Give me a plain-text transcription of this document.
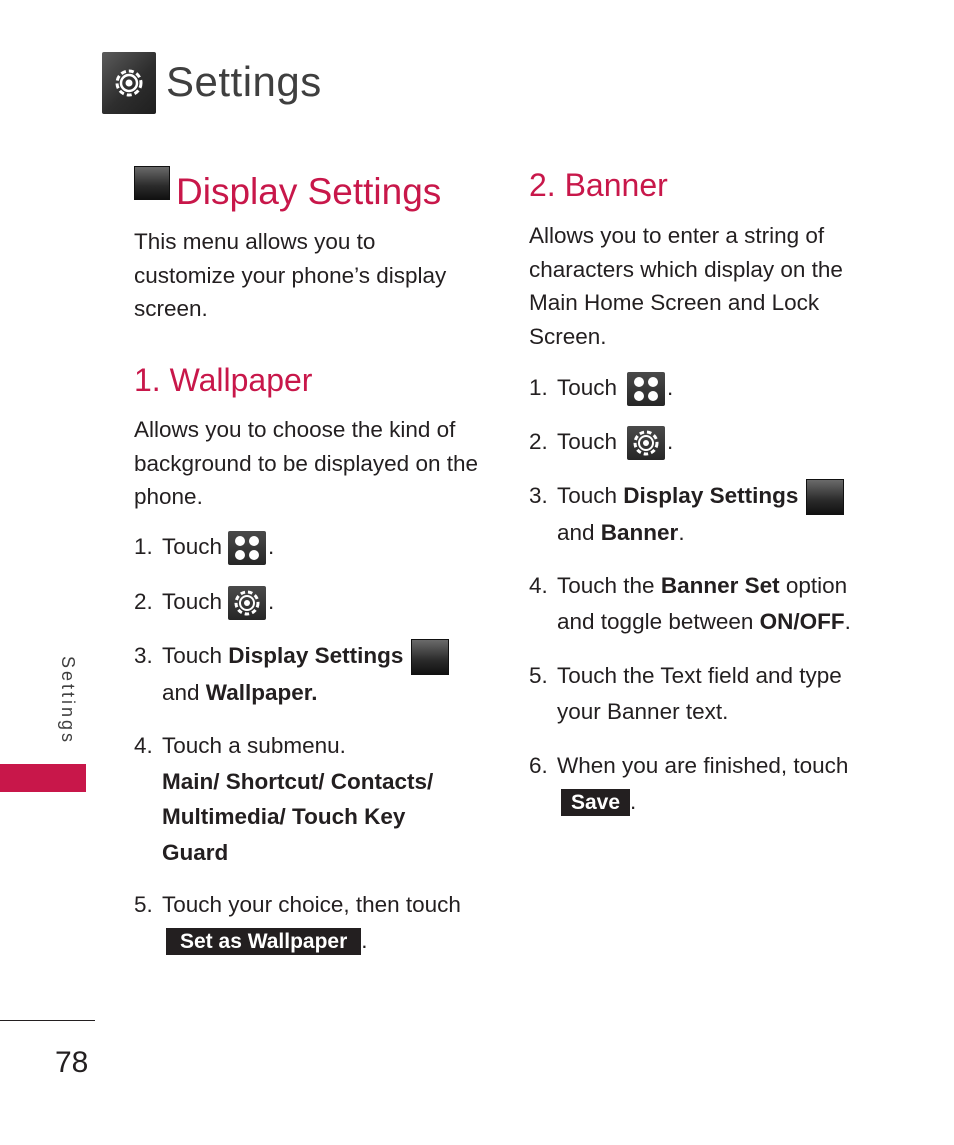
Settings
Settings
78
Display Settings
This menu allows you to customize your phone’s display screen.
1. Wallpaper
Allows you to choose the kind of background to be displayed on the phone.
1. Touch .
2. Touch .
3. Touch Display Settings
and Wallpaper.
4. Touch a submenu.
Main/ Shortcut/ Contacts/ Multimedia/ Touch Key Guard
5. Touch your choice, then touch
Set as Wallpaper .
2. Banner
Allows you to enter a string of characters which display on the Main Home Screen and Lock Screen.
1. Touch .
2. Touch .
3. Touch Display Settings
and Banner.
4. Touch the Banner Set option
and toggle between ON/OFF.
5. Touch the Text field and type
your Banner text.
6. When you are finished, touch
Save .
